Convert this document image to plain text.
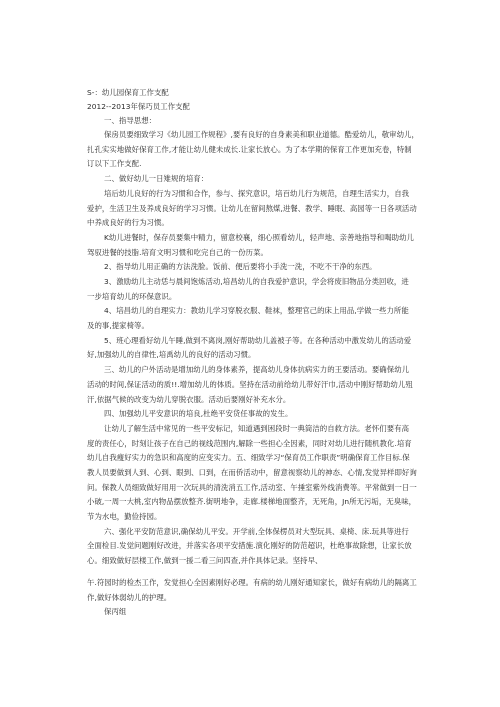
S-：幼儿园保育工作支配
2012--2013年保巧员工作支配
一、指导思想：
保房员要细致学习《幼儿园工作规程》,要有良好的自身素美和职业道德。酷爱幼儿，敬审幼儿，
扎孔实实地做好保育工作,才能让幼儿健未成长.让家长放心。为了本学期的保育工作更加充卷，特制
订以下工作支配.
二、做好幼儿一日雉规的培育：
培后幼儿良好的行为习惯和合作，参与、探究意识，培百幼儿行为规范，自理生活实力，自我
爱护，生活卫生及养成良好的学习习惯。让幼儿在留间熬煤,进餐、教学、睡眠、高园等一日各项活动
中养成良好的行为习惯。
K幼儿进餐时，保存员要集中精力，留意校襄，细心照看幼儿，轻声地、亲善地指导和喝助幼儿
驾驭进餐的技脂.培育文明习惯和吃完自己的一份历菜。
2、指导幼儿用正确的方法洗脸。饭前、便后要将小手洗一洗，不吃不干净的东西。
3、激励幼儿主动恁与晨间饱炼活动,培昌幼儿的自我爱护意识，学会将废旧物品分类回收，进
一步培育幼儿的环保意识。
4、培昌幼儿的自理实力：教幼儿学习穿脱衣服、鞋袜，整理官己的床上用品,学做一些力所能
及的事,提家椅等。
5、班心理看好幼儿午睡,做到不离岗,刚好帮助幼儿盖被子等。在各种活动中激发幼儿的活动爱
好,加强幼儿的自律性,培禹幼儿的良好的活动习惯。
三、幼儿的户外活动是增加幼儿的身体素养，提高幼儿身体抗病实力的王要活动。要确保幼儿
活动的时间,保证活动的质!!.增加幼儿的体质。坚持在活动前给幼儿带好汗巾,活动中刚好帮助幼儿殂
汗,依据气候的改变为幼儿穿脱衣服。活动后要刚好补充水分。
四、加强幼儿平安意识的培良,杜绝平安货任事故的发生。
让幼儿了解生活中常见的一些平安标记，知道遇到困段时一典筒洁的自救方法。老怀们要有高
度的责任心，时刻让孩子在自己的视线范围内,解除一些担心全因素，同时对幼儿进行随机教化.培育
幼儿自我瘦好实力的急识和高度的应变实力。五、细致学习“保育员工作职责”明确保育工作目标.保
教人员要做到人到、心到、眼到、口到，在而侨活动中，留意视察幼儿的神态、心情,发觉异样即好询
问。保教人员细致做好用用一次玩具的清洗消五工作,活动室、午捶室紫外线消费等。平常做到一日一
小破,一周一大桃,室内物品摆放整齐.街明地争，走廊.楼梯地面整齐，无死角，Jn所无污垢，无臭味，
节为水电，勤俭持园。
六、强化平安防范意识,确保幼儿平安。开学前,全体保楞员对大型玩具、桌椅、床.玩具等进行
全面检目.发觉问题刚好改进，并落实各项平安措施.演化刚好的防范超识，杜绝事故除想，让家长放
心。细致做好层楼工作,做到一援二看三问四查,并作具体记录。坚持早、
午.符园时的检杰工作，发觉担心全因素刚好必理。有病的幼儿刚好通知家长，做好有病幼儿的隔离工
作,做好体弱幼儿的护理。
保丙组
